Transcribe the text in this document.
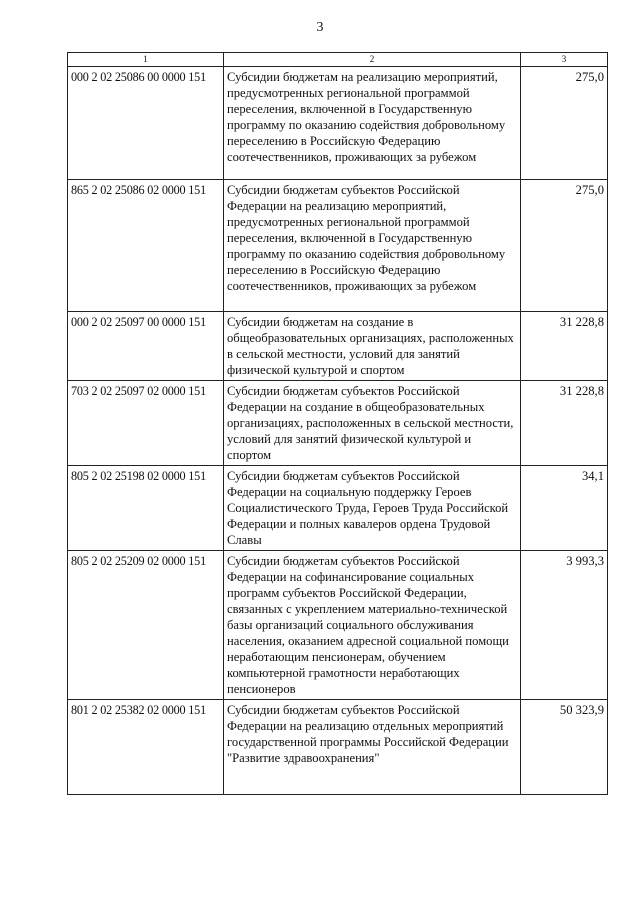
3
1	2	3
000 2 02 25086 00 0000 151	Субсидии бюджетам на реализацию мероприятий, предусмотренных региональной программой переселения, включенной в Государственную программу по оказанию содействия добровольному переселению в Российскую Федерацию соотечественников, проживающих за рубежом	275,0
865 2 02 25086 02 0000 151	Субсидии бюджетам субъектов Российской Федерации на реализацию мероприятий, предусмотренных региональной программой переселения, включенной в Государственную программу по оказанию содействия добровольному переселению в Российскую Федерацию соотечественников, проживающих за рубежом	275,0
000 2 02 25097 00 0000 151	Субсидии бюджетам на создание в общеобразовательных организациях, расположенных в сельской местности, условий для занятий физической культурой и спортом	31 228,8
703 2 02 25097 02 0000 151	Субсидии бюджетам субъектов Российской Федерации на создание в общеобразовательных организациях, расположенных в сельской местности, условий для занятий физической культурой и спортом	31 228,8
805 2 02 25198 02 0000 151	Субсидии бюджетам субъектов Российской Федерации на социальную поддержку Героев Социалистического Труда, Героев Труда Российской Федерации и полных кавалеров ордена Трудовой Славы	34,1
805 2 02 25209 02 0000 151	Субсидии бюджетам субъектов Российской Федерации на софинансирование социальных программ субъектов Российской Федерации, связанных с укреплением материально-технической базы организаций социального обслуживания населения, оказанием адресной социальной помощи неработающим пенсионерам, обучением компьютерной грамотности неработающих пенсионеров	3 993,3
801 2 02 25382 02 0000 151	Субсидии бюджетам субъектов Российской Федерации на реализацию отдельных мероприятий государственной программы Российской Федерации "Развитие здравоохранения"	50 323,9
